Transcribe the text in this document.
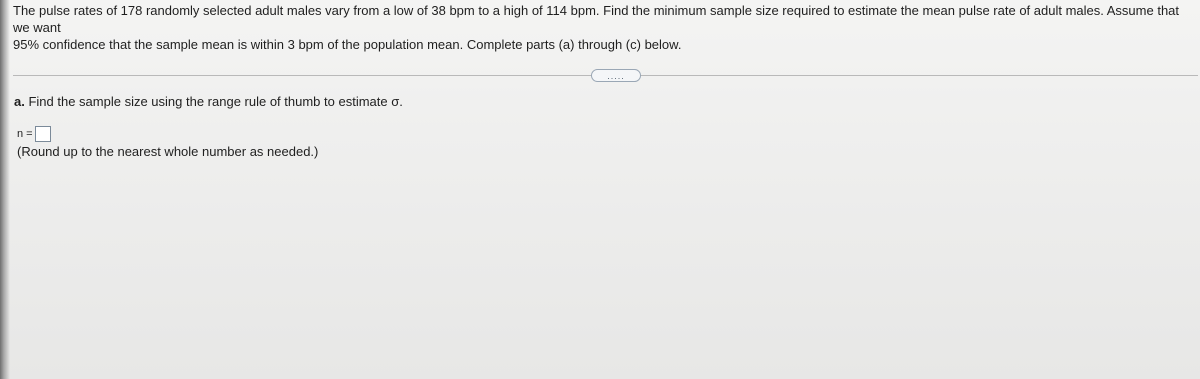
The pulse rates of 178 randomly selected adult males vary from a low of 38 bpm to a high of 114 bpm. Find the minimum sample size required to estimate the mean pulse rate of adult males. Assume that we want
95% confidence that the sample mean is within 3 bpm of the population mean. Complete parts (a) through (c) below.
.....
a. Find the sample size using the range rule of thumb to estimate σ.
n =
(Round up to the nearest whole number as needed.)
